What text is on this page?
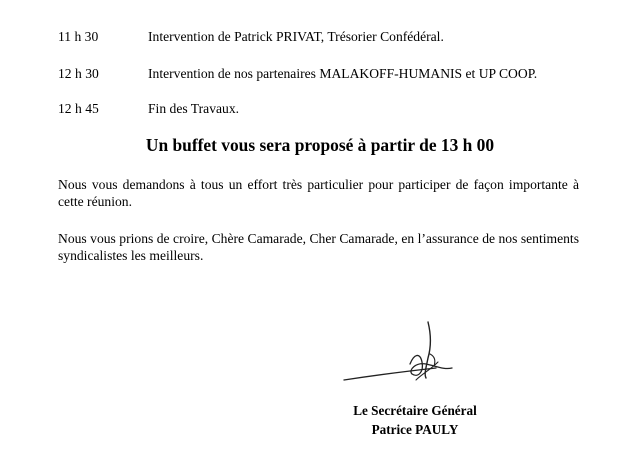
11 h 30	Intervention de Patrick PRIVAT, Trésorier Confédéral.
12 h 30	Intervention de nos partenaires MALAKOFF-HUMANIS et UP COOP.
12 h 45	Fin des Travaux.
Un buffet vous sera proposé à partir de 13 h 00

Nous vous demandons à tous un effort très particulier pour participer de façon importante à cette réunion.

Nous vous prions de croire, Chère Camarade, Cher Camarade, en l’assurance de nos sentiments syndicalistes les meilleurs.

Le Secrétaire Général
Patrice PAULY
